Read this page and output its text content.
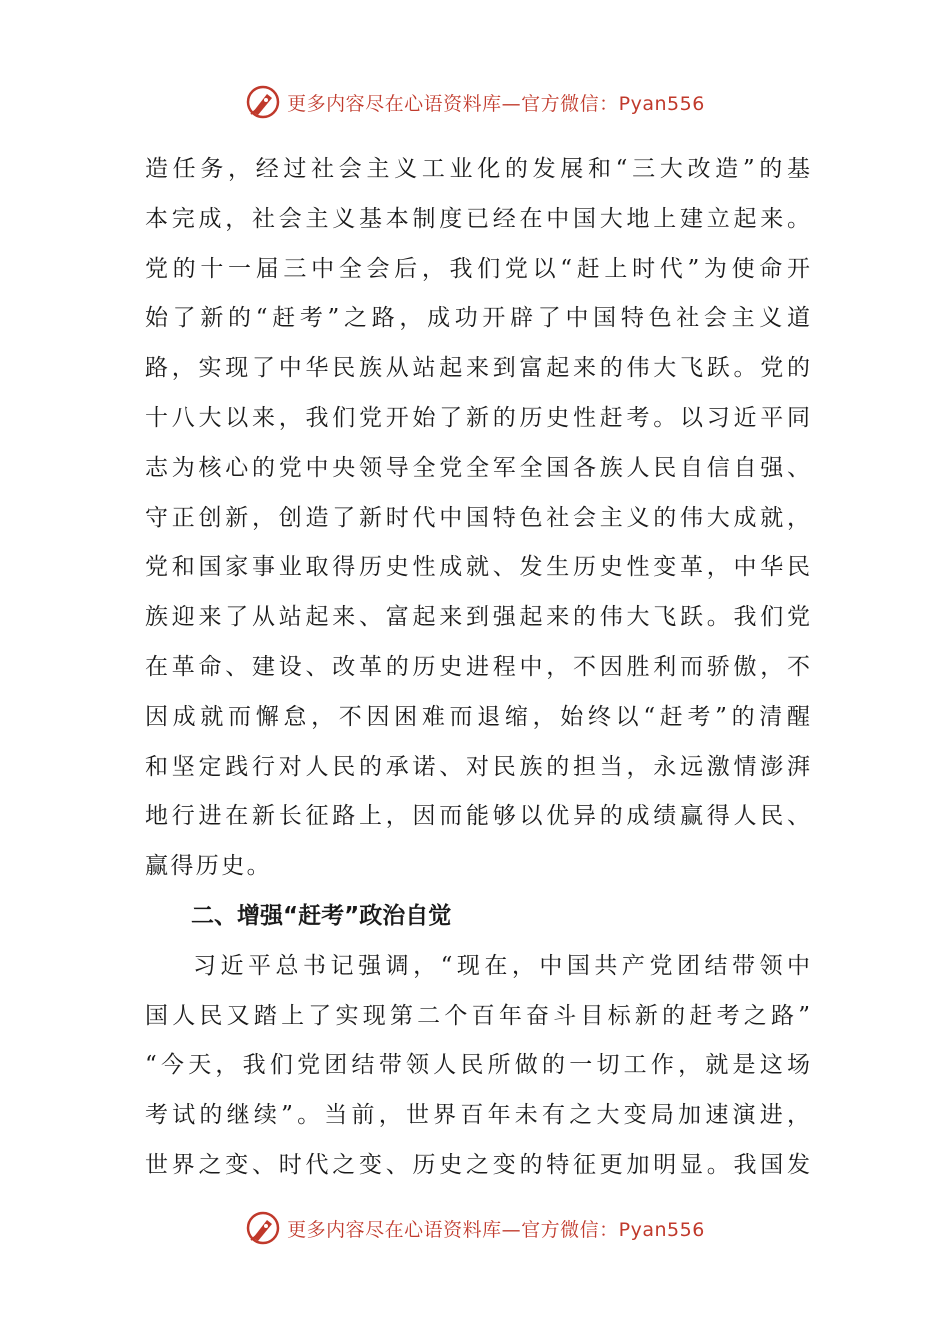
更多内容尽在心语资料库—官方微信：Pyan556
造任务，经过社会主义工业化的发展和“三大改造”的基
本完成，社会主义基本制度已经在中国大地上建立起来。
党的十一届三中全会后，我们党以“赶上时代”为使命开
始了新的“赶考”之路，成功开辟了中国特色社会主义道
路，实现了中华民族从站起来到富起来的伟大飞跃。党的
十八大以来，我们党开始了新的历史性赶考。以习近平同
志为核心的党中央领导全党全军全国各族人民自信自强、
守正创新，创造了新时代中国特色社会主义的伟大成就，
党和国家事业取得历史性成就、发生历史性变革，中华民
族迎来了从站起来、富起来到强起来的伟大飞跃。我们党
在革命、建设、改革的历史进程中，不因胜利而骄傲，不
因成就而懈怠，不因困难而退缩，始终以“赶考”的清醒
和坚定践行对人民的承诺、对民族的担当，永远激情澎湃
地行进在新长征路上，因而能够以优异的成绩赢得人民、
赢得历史。
二、增强“赶考”政治自觉
习近平总书记强调，“现在，中国共产党团结带领中
国人民又踏上了实现第二个百年奋斗目标新的赶考之路”
“今天，我们党团结带领人民所做的一切工作，就是这场
考试的继续”。当前，世界百年未有之大变局加速演进，
世界之变、时代之变、历史之变的特征更加明显。我国发
更多内容尽在心语资料库—官方微信：Pyan556
